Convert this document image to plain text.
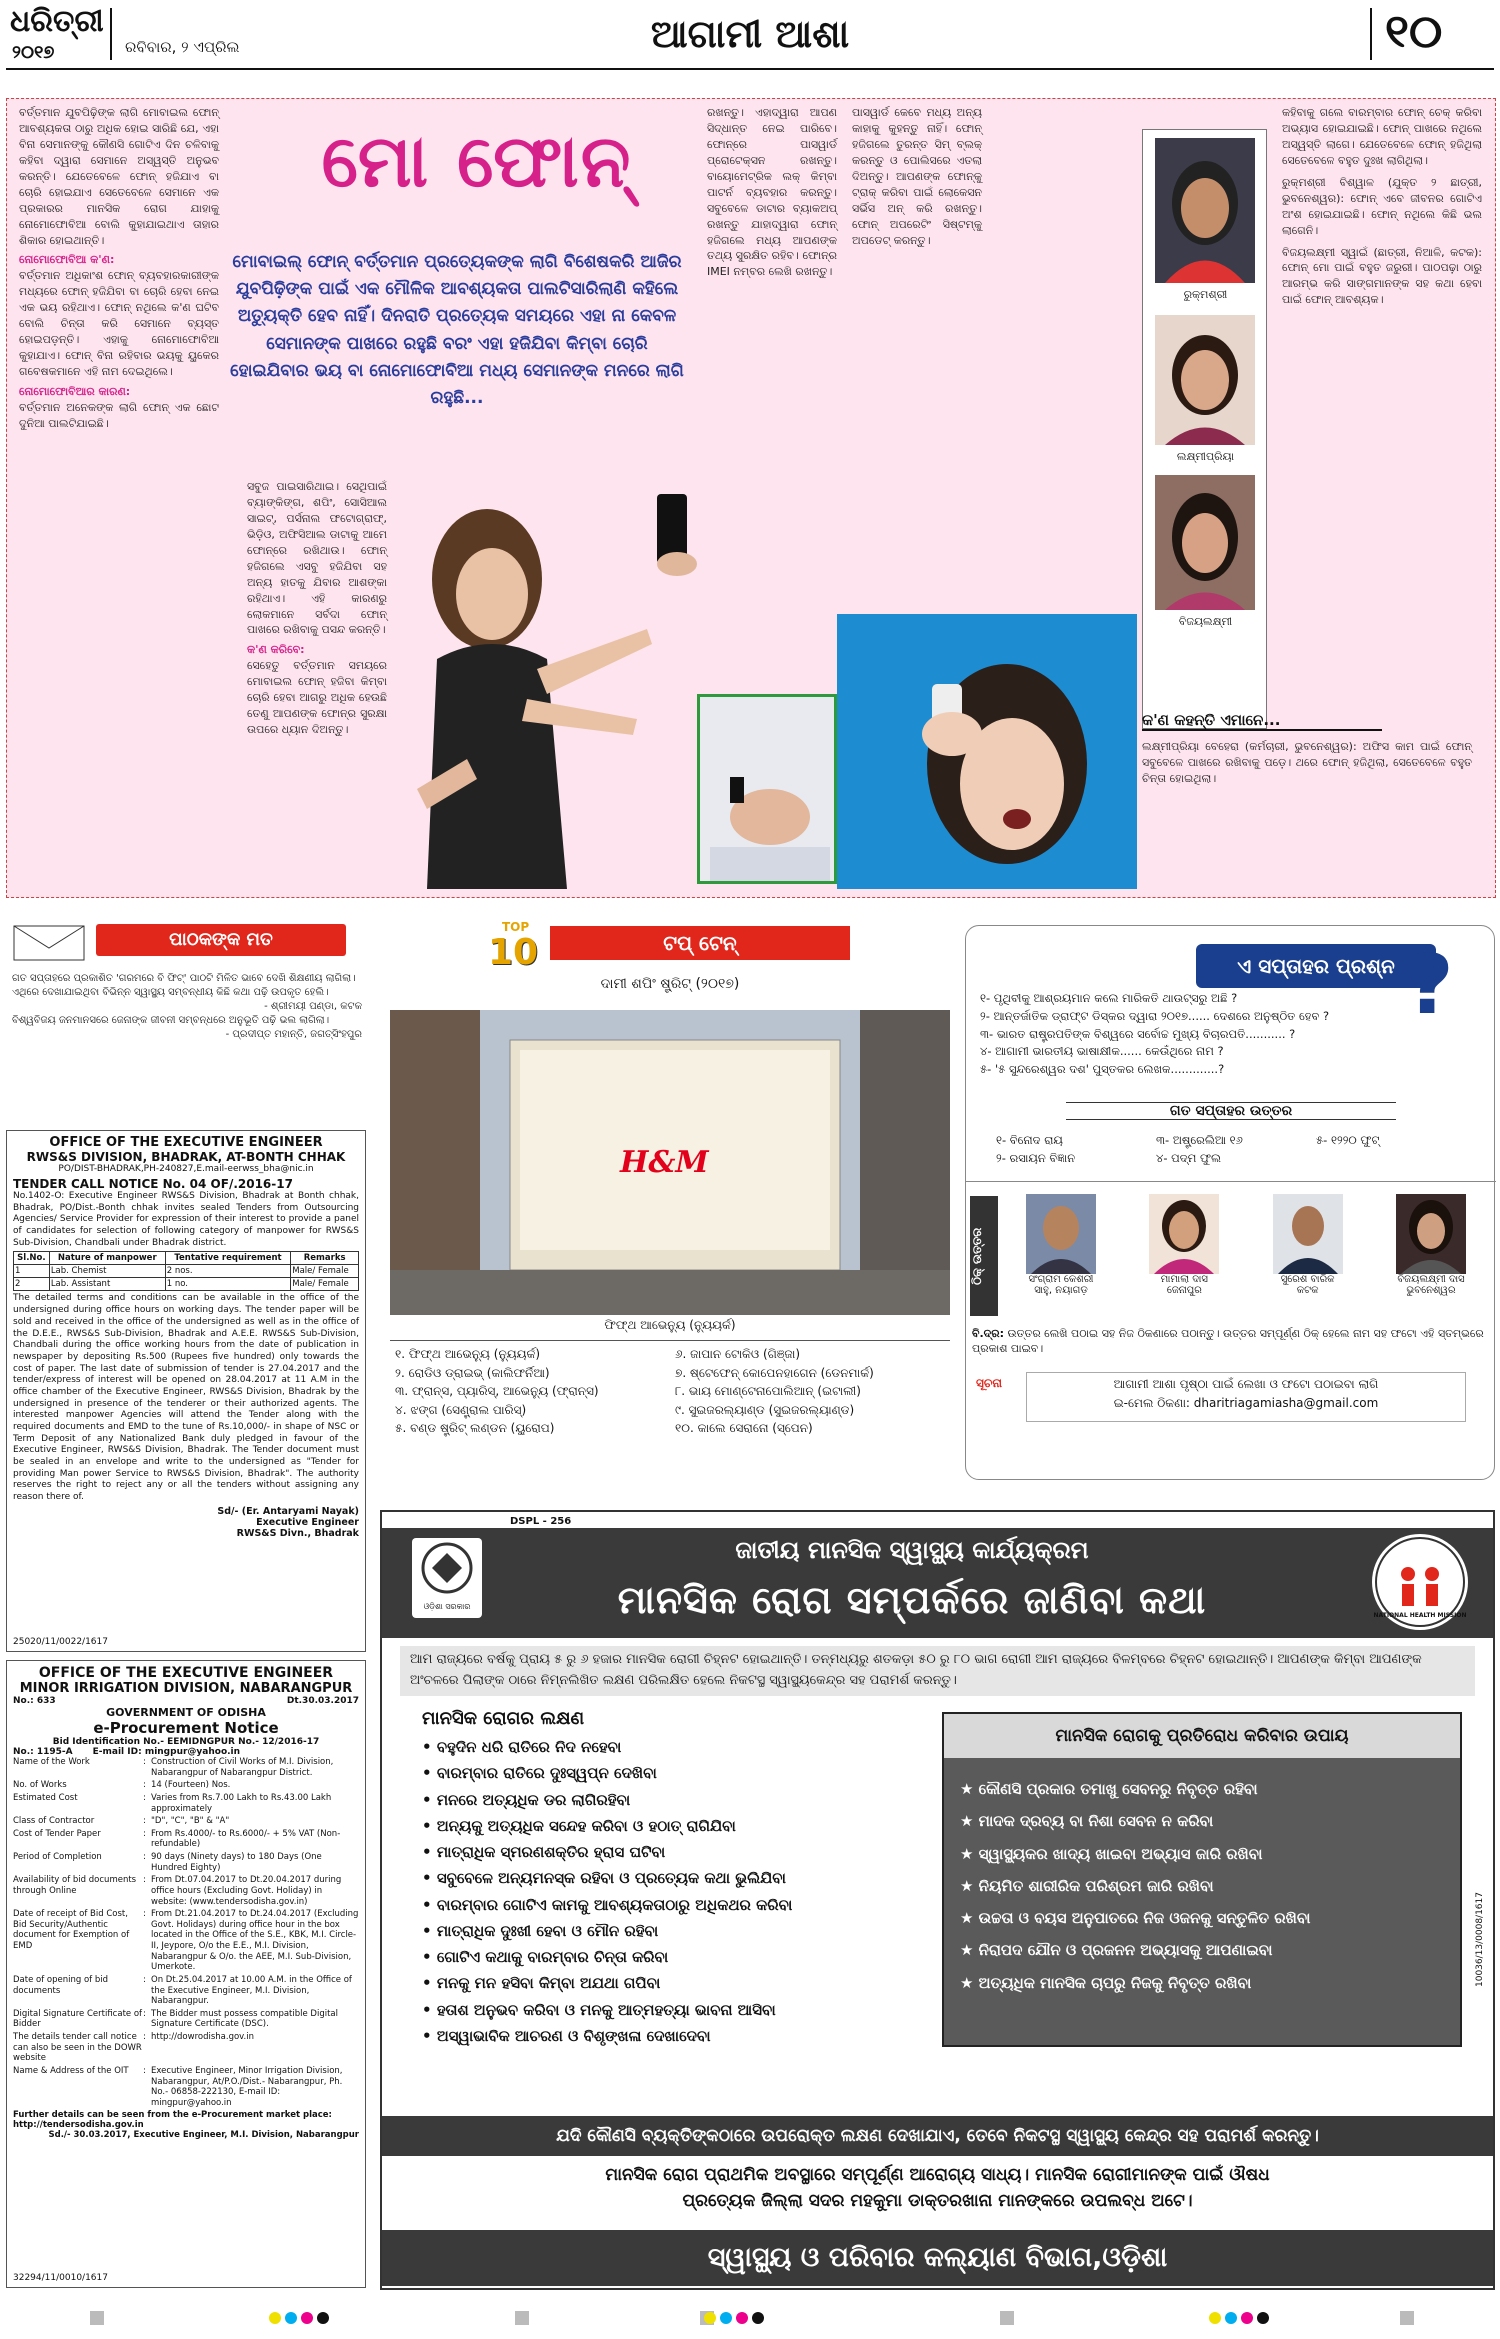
ଧରିତ୍ରୀ
୨୦୧୭	ରବିବାର, ୨ ଏପ୍ରିଲ	ଆଗାମୀ ଆଶା	୧୦
ମୋ ଫୋନ୍
ମୋବାଇଲ୍ ଫୋନ୍ ବର୍ତ୍ତମାନ ପ୍ରତ୍ୟେକଙ୍କ ଲାଗି ବିଶେଷକରି ଆଜିର ଯୁବପିଢ଼ିଙ୍କ ପାଇଁ ଏକ ମୌଳିକ ଆବଶ୍ୟକତା ପାଲଟିସାରିଲାଣି କହିଲେ ଅତ୍ୟୁକ୍ତି ହେବ ନାହିଁ। ଦିନରାତି ପ୍ରତ୍ୟେକ ସମୟରେ ଏହା ନା କେବଳ ସେମାନଙ୍କ ପାଖରେ ରହୁଛି ବରଂ ଏହା ହଜିଯିବା କିମ୍ବା ଚୋରି ହୋଇଯିବାର ଭୟ ବା ନୋମୋଫୋବିଆ ମଧ୍ୟ ସେମାନଙ୍କ ମନରେ ଲାଗି ରହୁଛି...
ବର୍ତ୍ତମାନ ଯୁବପିଢ଼ିଙ୍କ ଲାଗି ମୋବାଇଲ ଫୋନ୍ ଆବଶ୍ୟକତା ଠାରୁ ଅଧିକ ହୋଇ ସାରିଛି ଯେ, ଏହା ବିନା ସେମାନଙ୍କୁ କୌଣସି ଗୋଟିଏ ଦିନ ଚଳିବାକୁ କହିବା ଦ୍ୱାରା ସେମାନେ ଅସ୍ୱସ୍ତି ଅନୁଭବ କରନ୍ତି। ଯେତେବେଳେ ଫୋନ୍ ହଜିଯାଏ ବା ଚୋରି ହୋଇଯାଏ ସେତେବେଳେ ସେମାନେ ଏକ ପ୍ରକାରର ମାନସିକ ରୋଗ ଯାହାକୁ ନୋମୋଫୋବିଆ ବୋଲି କୁହାଯାଇଥାଏ ତାହାର ଶିକାର ହୋଇଥାନ୍ତି।
ନୋମୋଫୋବିଆ କ'ଣ:
ବର୍ତ୍ତମାନ ଅଧିକାଂଶ ଫୋନ୍ ବ୍ୟବହାରକାରୀଙ୍କ ମଧ୍ୟରେ ଫୋନ୍ ହଜିଯିବା ବା ଚୋରି ହେବା ନେଇ ଏକ ଭୟ ରହିଥାଏ। ଫୋନ୍ ନଥିଲେ କ'ଣ ଘଟିବ ବୋଲି ଚିନ୍ତା କରି ସେମାନେ ବ୍ୟସ୍ତ ହୋଇପଡ଼ନ୍ତି। ଏହାକୁ ନୋମୋଫୋବିଆ କୁହାଯାଏ। ଫୋନ୍ ବିନା ରହିବାର ଭୟକୁ ୟୁକେର ଗବେଷକମାନେ ଏହି ନାମ ଦେଇଥିଲେ।
ନୋମୋଫୋବିଆର କାରଣ:
ବର୍ତ୍ତମାନ ଅନେକଙ୍କ ଲାଗି ଫୋନ୍ ଏକ ଛୋଟ ଦୁନିଆ ପାଲଟିଯାଇଛି।
ସବୁଜ ପାଇସାରିଥାଇ। ସେଥିପାଇଁ ବ୍ୟାଙ୍କିଙ୍ଗ, ଶପିଂ, ସୋସିଆଲ ସାଇଟ୍, ପର୍ସନାଲ ଫଟୋଗ୍ରାଫ୍, ଭିଡ଼ିଓ, ଅଫିସିଆଲ ଡାଟାକୁ ଆମେ ଫୋନ୍‌ରେ ରଖିଥାଉ। ଫୋନ୍ ହଜିଗଲେ ଏସବୁ ହଜିଯିବା ସହ ଅନ୍ୟ ହାତକୁ ଯିବାର ଆଶଙ୍କା ରହିଥାଏ। ଏହି କାରଣରୁ ଲୋକମାନେ ସର୍ବଦା ଫୋନ୍ ପାଖରେ ରଖିବାକୁ ପସନ୍ଦ କରନ୍ତି।
କ'ଣ କରିବେ:
ସେହେତୁ ବର୍ତ୍ତମାନ ସମୟରେ ମୋବାଇଲ ଫୋନ୍ ହଜିବା କିମ୍ବା ଚୋରି ହେବା ଆଗରୁ ଅଧିକ ହେଉଛି ତେଣୁ ଆପଣଙ୍କ ଫୋନ୍‌ର ସୁରକ୍ଷା ଉପରେ ଧ୍ୟାନ ଦିଅନ୍ତୁ।
ରଖନ୍ତୁ। ଏହାଦ୍ୱାରା ଆପଣ ସିଦ୍ଧାନ୍ତ ନେଇ ପାରିବେ। ଫୋନ୍‌ରେ ପାସୱାର୍ଡ ପ୍ରୋଟେକ୍ସନ ରଖନ୍ତୁ। ବାୟୋମେଟ୍ରିକ ଲକ୍ କିମ୍ବା ପାଟର୍ନ ବ୍ୟବହାର କରନ୍ତୁ। ସବୁବେଳେ ଡାଟାର ବ୍ୟାକଅପ୍ ରଖନ୍ତୁ ଯାହାଦ୍ୱାରା ଫୋନ୍ ହଜିଗଲେ ମଧ୍ୟ ଆପଣଙ୍କ ତଥ୍ୟ ସୁରକ୍ଷିତ ରହିବ। ଫୋନ୍‌ର IMEI ନମ୍ବର ଲେଖି ରଖନ୍ତୁ।
ପାସୱାର୍ଡ କେବେ ମଧ୍ୟ ଅନ୍ୟ କାହାକୁ କୁହନ୍ତୁ ନାହିଁ। ଫୋନ୍ ହଜିଗଲେ ତୁରନ୍ତ ସିମ୍ ବ୍ଲକ୍ କରନ୍ତୁ ଓ ପୋଲିସରେ ଏତଲା ଦିଅନ୍ତୁ। ଆପଣଙ୍କ ଫୋନ୍‌କୁ ଟ୍ରାକ୍ କରିବା ପାଇଁ ଲୋକେସନ ସର୍ଭିସ ଅନ୍ କରି ରଖନ୍ତୁ। ଫୋନ୍ ଅପରେଟିଂ ସିଷ୍ଟମ୍‌କୁ ଅପଡେଟ୍ କରନ୍ତୁ।
ରୁକ୍ମଶ୍ରୀ
ଲକ୍ଷ୍ମୀପ୍ରିୟା
ବିଜୟଲକ୍ଷ୍ମୀ
କ'ଣ କହନ୍ତି ଏମାନେ...
ଲକ୍ଷ୍ମୀପ୍ରିୟା ବେହେରା (କର୍ମଚାରୀ, ଭୁବନେଶ୍ୱର): ଅଫିସ କାମ ପାଇଁ ଫୋନ୍ ସବୁବେଳେ ପାଖରେ ରଖିବାକୁ ପଡ଼େ। ଥରେ ଫୋନ୍ ହଜିଥିଲା, ସେତେବେଳେ ବହୁତ ଚିନ୍ତା ହୋଇଥିଲା।
କହିବାକୁ ଗଲେ ବାରମ୍ବାର ଫୋନ୍ ଚେକ୍ କରିବା ଅଭ୍ୟାସ ହୋଇଯାଇଛି। ଫୋନ୍ ପାଖରେ ନଥିଲେ ଅସ୍ୱସ୍ତି ଲାଗେ। ଯେତେବେଳେ ଫୋନ୍ ହଜିଥିଲା ସେତେବେଳେ ବହୁତ ଦୁଃଖ ଲାଗିଥିଲା।
ରୁକ୍ମଶ୍ରୀ ବିଶ୍ୱାଳ (ଯୁକ୍ତ ୨ ଛାତ୍ରୀ, ଭୁବନେଶ୍ୱର): ଫୋନ୍ ଏବେ ଜୀବନର ଗୋଟିଏ ଅଂଶ ହୋଇଯାଇଛି। ଫୋନ୍ ନଥିଲେ କିଛି ଭଲ ଲାଗେନି।
ବିଜୟଲକ୍ଷ୍ମୀ ସ୍ୱାଇଁ (ଛାତ୍ରୀ, ନିଆଳି, କଟକ): ଫୋନ୍ ମୋ ପାଇଁ ବହୁତ ଜରୁରୀ। ପାଠପଢ଼ା ଠାରୁ ଆରମ୍ଭ କରି ସାଙ୍ଗମାନଙ୍କ ସହ କଥା ହେବା ପାଇଁ ଫୋନ୍ ଆବଶ୍ୟକ।
ପାଠକଙ୍କ ମତ
ଗତ ସପ୍ତାହରେ ପ୍ରକାଶିତ 'ଗରମରେ ବି ଫିଟ୍' ପାଠଟି ମିଳିତ ଭାବେ ଦେଖି ଶିକ୍ଷଣୀୟ ଲାଗିଲା। ଏଥିରେ ଦେଖାଯାଇଥିବା ବିଭିନ୍ନ ସ୍ୱାସ୍ଥ୍ୟ ସମ୍ବନ୍ଧୀୟ କିଛି କଥା ପଢ଼ି ଉପକୃତ ହେଲି।
- ଶ୍ରୀମୟୀ ପଣ୍ଡା, କଟକ
ବିଶ୍ୱବିଜୟ ଜନମାନସରେ ଜେନାଙ୍କ ଜୀବନୀ ସମ୍ବନ୍ଧରେ ଅନୁଭୂତି ପଢ଼ି ଭଲ ଲାଗିଲା।
- ପ୍ରଦୀପ୍ତ ମହାନ୍ତି, ଜଗତ୍‌ସିଂହପୁର
OFFICE OF THE EXECUTIVE ENGINEER
RWS&S DIVISION, BHADRAK, AT-BONTH CHHAK
PO/DIST-BHADRAK,PH-240827,E.mail-eerwss_bha@nic.in
TENDER CALL NOTICE No. 04 OF/.2016-17
No.1402-O: Executive Engineer RWS&S Division, Bhadrak at Bonth chhak, Bhadrak, PO/Dist.-Bonth chhak invites sealed Tenders from Outsourcing Agencies/ Service Provider for expression of their interest to provide a panel of candidates for selection of following category of manpower for RWS&S Sub-Division, Chandbali under Bhadrak district.
Sl.No.	Nature of manpower	Tentative requirement	Remarks
1	Lab. Chemist	2 nos.	Male/ Female
2	Lab. Assistant	1 no.	Male/ Female
The detailed terms and conditions can be available in the office of the undersigned during office hours on working days. The tender paper will be sold and received in the office of the undersigned as well as in the office of the D.E.E., RWS&S Sub-Division, Bhadrak and A.E.E. RWS&S Sub-Division, Chandbali during the office working hours from the date of publication in newspaper by depositing Rs.500 (Rupees five hundred) only towards the cost of paper. The last date of submission of tender is 27.04.2017 and the tender/express of interest will be opened on 28.04.2017 at 11 A.M in the office chamber of the Executive Engineer, RWS&S Division, Bhadrak by the undersigned in presence of the tenderer or their authorized agents. The interested manpower Agencies will attend the Tender along with the required documents and EMD to the tune of Rs.10,000/- in shape of NSC or Term Deposit of any Nationalized Bank duly pledged in favour of the Executive Engineer, RWS&S Division, Bhadrak. The Tender document must be sealed in an envelope and write to the undersigned as "Tender for providing Man power Service to RWS&S Division, Bhadrak". The authority reserves the right to reject any or all the tenders without assigning any reason there of.
Sd/- (Er. Antaryami Nayak)
Executive Engineer
RWS&S Divn., Bhadrak
25020/11/0022/1617
OFFICE OF THE EXECUTIVE ENGINEER
MINOR IRRIGATION DIVISION, NABARANGPUR
No.: 633	Dt.30.03.2017
GOVERNMENT OF ODISHA
e-Procurement Notice
Bid Identification No.- EEMIDNGPUR No.- 12/2016-17
No.: 1195-A E-mail ID: mingpur@yahoo.in
Name of the Work	: Construction of Civil Works of M.I. Division, Nabarangpur of Nabarangpur District.
No. of Works	: 14 (Fourteen) Nos.
Estimated Cost	: Varies from Rs.7.00 Lakh to Rs.43.00 Lakh approximately
Class of Contractor	: "D", "C", "B" & "A"
Cost of Tender Paper	: From Rs.4000/- to Rs.6000/- + 5% VAT (Non-refundable)
Period of Completion	: 90 days (Ninety days) to 180 Days (One Hundred Eighty)
Availability of bid documents through Online
: From Dt.07.04.2017 to Dt.20.04.2017 during office hours (Excluding Govt. Holiday) in website: (www.tendersodisha.gov.in)
Date of receipt of Bid Cost, Bid Security/Authentic document for Exemption of EMD
: From Dt.21.04.2017 to Dt.24.04.2017 (Excluding Govt. Holidays) during office hour in the box located in the Office of the S.E., KBK, M.I. Circle-II, Jeypore, O/o the E.E., M.I. Division, Nabarangpur & O/o. the AEE, M.I. Sub-Division, Umerkote.
Date of opening of bid documents
: On Dt.25.04.2017 at 10.00 A.M. in the Office of the Executive Engineer, M.I. Division, Nabarangpur.
Digital Signature Certificate of Bidder
: The Bidder must possess compatible Digital Signature Certificate (DSC).
The details tender call notice can also be seen in the DOWR website
: http://dowrodisha.gov.in
Name & Address of the OIT	: Executive Engineer, Minor Irrigation Division, Nabarangpur, At/P.O./Dist.- Nabarangpur, Ph. No.- 06858-222130, E-mail ID: mingpur@yahoo.in
Further details can be seen from the e-Procurement market place: http://tendersodisha.gov.in
Sd./- 30.03.2017, Executive Engineer, M.I. Division, Nabarangpur
32294/11/0010/1617
TOP
10	ଟପ୍ ଟେନ୍
ଦାମୀ ଶପିଂ ଷ୍ଟ୍ରିଟ୍ (୨୦୧୭)
H&M
ଫିଫ୍‌ଥ ଆଭେନ୍ୟୁ (ନ୍ୟୁୟର୍କ)
୧. ଫିଫ୍‌ଥ ଆଭେନ୍ୟୁ (ନ୍ୟୁୟର୍କ)
୨. ରୋଡିଓ ଡ୍ରାଇଭ୍ (କାଲିଫର୍ନିଆ)
୩. ଫ୍ରାନ୍ସ, ପ୍ୟାରିସ୍, ଆଭେନ୍ୟୁ (ଫ୍ରାନ୍ସ)
୪. ଝଙ୍ଗ (ସେଣ୍ଟ୍ରାଲ ପାରିସ୍)
୫. ବଣ୍ଡ ଷ୍ଟ୍ରିଟ୍ ଲଣ୍ଡନ (ୟୁରୋପ)
୬. ଜାପାନ ଟୋକିଓ (ଗିଞ୍ଜା)
୭. ଷ୍ଟେଫେନ୍ କୋପେନହାଗେନ (ଡେନମାର୍କ)
୮. ଭାୟ ମୋଣ୍ଟେନାପୋଲିଆନ୍ (ଇଟାଲୀ)
୯. ସୁଇଜରଲ୍ୟାଣ୍ଡ (ସୁଇଜରଲ୍ୟାଣ୍ଡ)
୧୦. କାଲେ ସେରାନୋ (ସ୍ପେନ)
ଏ ସପ୍ତାହର ପ୍ରଶ୍ନ ?
୧- ପୃଥିବୀକୁ ଆଶ୍ରୟମାନ କଲେ ମାରିକତି ଥାଉଟ୍ସରୁ ଅଛି ?
୨- ଆନ୍ତର୍ଜାତିକ ଡ୍ରାଫ୍ଟ ଡିସ୍କର ଦ୍ୱାରା ୨୦୧୭...... ଦେଶରେ ଅନୁଷ୍ଠିତ ହେବ ?
୩- ଭାରତ ରାଷ୍ଟ୍ରପତିଙ୍କ ବିଶ୍ୱରେ ସର୍ବୋଚ୍ଚ ମୁଖ୍ୟ ବିଚାରପତି........... ?
୪- ଆଗାମୀ ଭାରତୀୟ ଭାଷାକ୍ଷୀକ...... କେଉଁଥିରେ ନାମ ?
୫- '୫ ସୁନ୍ଦରେଶ୍ୱର ଦଶ' ପୁସ୍ତକର ଲେଖକ.............?
ଗତ ସପ୍ତାହର ଉତ୍ତର
୧- ବିନୋଦ ରାୟ
୨- ରସାୟନ ବିଜ୍ଞାନ
୩- ଅଷ୍ଟ୍ରେଲିଆ ୧୬
୪- ପଦ୍ମ ଫୁଲ
୫- ୧୨୨୦ ଫୁଟ୍
ଠିକ୍ ଉତ୍ତର	ସଂଗ୍ରାମ କେଶରୀ
ସାହୁ, ନୟାଗଡ଼
ମାମାଲା ଦାସ
ଜେନାପୁର
ସୁରେଶ ବାରିକ
କଟକ
ବିଜୟଲକ୍ଷ୍ମୀ ଦାସ
ଭୁବନେଶ୍ୱର
ବି.ଦ୍ର: ଉତ୍ତର ଲେଖି ପଠାଇ ସହ ନିଜ ଠିକଣାରେ ପଠାନ୍ତୁ। ଉତ୍ତର ସମ୍ପୂର୍ଣ୍ଣ ଠିକ୍ ହେଲେ ନାମ ସହ ଫଟୋ ଏହି ସ୍ତମ୍ଭରେ ପ୍ରକାଶ ପାଇବ।
ସୂଚନା	ଆଗାମୀ ଆଶା ପୃଷ୍ଠା ପାଇଁ ଲେଖା ଓ ଫଟୋ ପଠାଇବା ଲାଗି
ଇ-ମେଲ ଠିକଣା: dharitriagamiasha@gmail.com
DSPL - 256
ଓଡ଼ିଶା ସରକାର
ଜାତୀୟ ମାନସିକ ସ୍ୱାସ୍ଥ୍ୟ କାର୍ଯ୍ୟକ୍ରମ
ମାନସିକ ରୋଗ ସମ୍ପର୍କରେ ଜାଣିବା କଥା	NATIONAL HEALTH MISSION
ଆମ ରାଜ୍ୟରେ ବର୍ଷକୁ ପ୍ରାୟ ୫ ରୁ ୬ ହଜାର ମାନସିକ ରୋଗୀ ଚିହ୍ନଟ ହୋଇଥାନ୍ତି। ତନ୍ମଧ୍ୟରୁ ଶତକଡ଼ା ୫୦ ରୁ ୮୦ ଭାଗ ରୋଗୀ ଆମ ରାଜ୍ୟରେ ବିଳମ୍ବରେ ଚିହ୍ନଟ ହୋଇଥାନ୍ତି। ଆପଣଙ୍କ କିମ୍ବା ଆପଣଙ୍କ ଅଂଚଳରେ ପିଲାଙ୍କ ଠାରେ ନିମ୍ନଲିଖିତ ଲକ୍ଷଣ ପରିଲକ୍ଷିତ ହେଲେ ନିକଟସ୍ଥ ସ୍ୱାସ୍ଥ୍ୟକେନ୍ଦ୍ର ସହ ପରାମର୍ଶ କରନ୍ତୁ।
ମାନସିକ ରୋଗର ଲକ୍ଷଣ
• ବହୁଦିନ ଧରି ରାତିରେ ନିଦ ନହେବା
• ବାରମ୍ବାର ରାତିରେ ଦୁଃସ୍ୱପ୍ନ ଦେଖିବା
• ମନରେ ଅତ୍ୟଧିକ ଡର ଲାଗିରହିବା
• ଅନ୍ୟକୁ ଅତ୍ୟଧିକ ସନ୍ଦେହ କରିବା ଓ ହଠାତ୍ ରାଗିଯିବା
• ମାତ୍ରାଧିକ ସ୍ମରଣଶକ୍ତିର ହ୍ରାସ ଘଟିବା
• ସବୁବେଳେ ଅନ୍ୟମନସ୍କ ରହିବା ଓ ପ୍ରତ୍ୟେକ କଥା ଭୁଲିଯିବା
• ବାରମ୍ବାର ଗୋଟିଏ କାମକୁ ଆବଶ୍ୟକତାଠାରୁ ଅଧିକଥର କରିବା
• ମାତ୍ରାଧିକ ଦୁଃଖୀ ହେବା ଓ ମୌନ ରହିବା
• ଗୋଟିଏ କଥାକୁ ବାରମ୍ବାର ଚିନ୍ତା କରିବା
• ମନକୁ ମନ ହସିବା କିମ୍ବା ଅଯଥା ଗପିବା
• ହତାଶ ଅନୁଭବ କରିବା ଓ ମନକୁ ଆତ୍ମହତ୍ୟା ଭାବନା ଆସିବା
• ଅସ୍ୱାଭାବିକ ଆଚରଣ ଓ ବିଶୃଙ୍ଖଳା ଦେଖାଦେବା
ମାନସିକ ରୋଗକୁ ପ୍ରତିରୋଧ କରିବାର ଉପାୟ
★ କୌଣସି ପ୍ରକାର ତମାଖୁ ସେବନରୁ ନିବୃତ୍ତ ରହିବା
★ ମାଦକ ଦ୍ରବ୍ୟ ବା ନିଶା ସେବନ ନ କରିବା
★ ସ୍ୱାସ୍ଥ୍ୟକର ଖାଦ୍ୟ ଖାଇବା ଅଭ୍ୟାସ ଜାରି ରଖିବା
★ ନିୟମିତ ଶାରୀରିକ ପରିଶ୍ରମ ଜାରି ରଖିବା
★ ଉଚ୍ଚତା ଓ ବୟସ ଅନୁପାତରେ ନିଜ ଓଜନକୁ ସନ୍ତୁଳିତ ରଖିବା
★ ନିରାପଦ ଯୌନ ଓ ପ୍ରଜନନ ଅଭ୍ୟାସକୁ ଆପଣାଇବା
★ ଅତ୍ୟଧିକ ମାନସିକ ଚାପରୁ ନିଜକୁ ନିବୃତ୍ତ ରଖିବା	10036/13/0008/1617
ଯଦି କୌଣସି ବ୍ୟକ୍ତିଙ୍କଠାରେ ଉପରୋକ୍ତ ଲକ୍ଷଣ ଦେଖାଯାଏ, ତେବେ ନିକଟସ୍ଥ ସ୍ୱାସ୍ଥ୍ୟ କେନ୍ଦ୍ର ସହ ପରାମର୍ଶ କରନ୍ତୁ।
ମାନସିକ ରୋଗ ପ୍ରାଥମିକ ଅବସ୍ଥାରେ ସମ୍ପୂର୍ଣ୍ଣ ଆରୋଗ୍ୟ ସାଧ୍ୟ। ମାନସିକ ରୋଗୀମାନଙ୍କ ପାଇଁ ଔଷଧ
ପ୍ରତ୍ୟେକ ଜିଲ୍ଲା ସଦର ମହକୁମା ଡାକ୍ତରଖାନା ମାନଙ୍କରେ ଉପଲବ୍ଧ ଅଟେ।
ସ୍ୱାସ୍ଥ୍ୟ ଓ ପରିବାର କଲ୍ୟାଣ ବିଭାଗ,ଓଡ଼ିଶା
